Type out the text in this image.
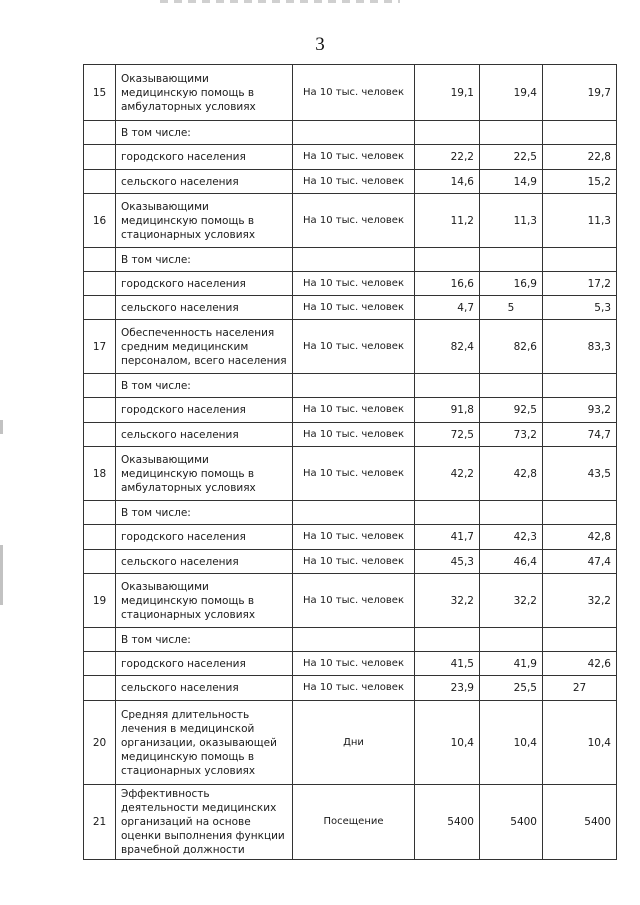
3
15	Оказывающими медицинскую помощь в амбулаторных условиях	На 10 тыс. человек	19,1	19,4	19,7
	В том числе:				
	городского населения	На 10 тыс. человек	22,2	22,5	22,8
	сельского населения	На 10 тыс. человек	14,6	14,9	15,2
16	Оказывающими медицинскую помощь в стационарных условиях	На 10 тыс. человек	11,2	11,3	11,3
	В том числе:				
	городского населения	На 10 тыс. человек	16,6	16,9	17,2
	сельского населения	На 10 тыс. человек	4,7	5	5,3
17	Обеспеченность населения средним медицинским персоналом, всего населения	На 10 тыс. человек	82,4	82,6	83,3
	В том числе:				
	городского населения	На 10 тыс. человек	91,8	92,5	93,2
	сельского населения	На 10 тыс. человек	72,5	73,2	74,7
18	Оказывающими медицинскую помощь в амбулаторных условиях	На 10 тыс. человек	42,2	42,8	43,5
	В том числе:				
	городского населения	На 10 тыс. человек	41,7	42,3	42,8
	сельского населения	На 10 тыс. человек	45,3	46,4	47,4
19	Оказывающими медицинскую помощь в стационарных условиях	На 10 тыс. человек	32,2	32,2	32,2
	В том числе:				
	городского населения	На 10 тыс. человек	41,5	41,9	42,6
	сельского населения	На 10 тыс. человек	23,9	25,5	27
20	Средняя длительность лечения в медицинской организации, оказывающей медицинскую помощь в стационарных условиях	Дни	10,4	10,4	10,4
21	Эффективность деятельности медицинских организаций на основе оценки выполнения функции врачебной должности	Посещение	5400	5400	5400
